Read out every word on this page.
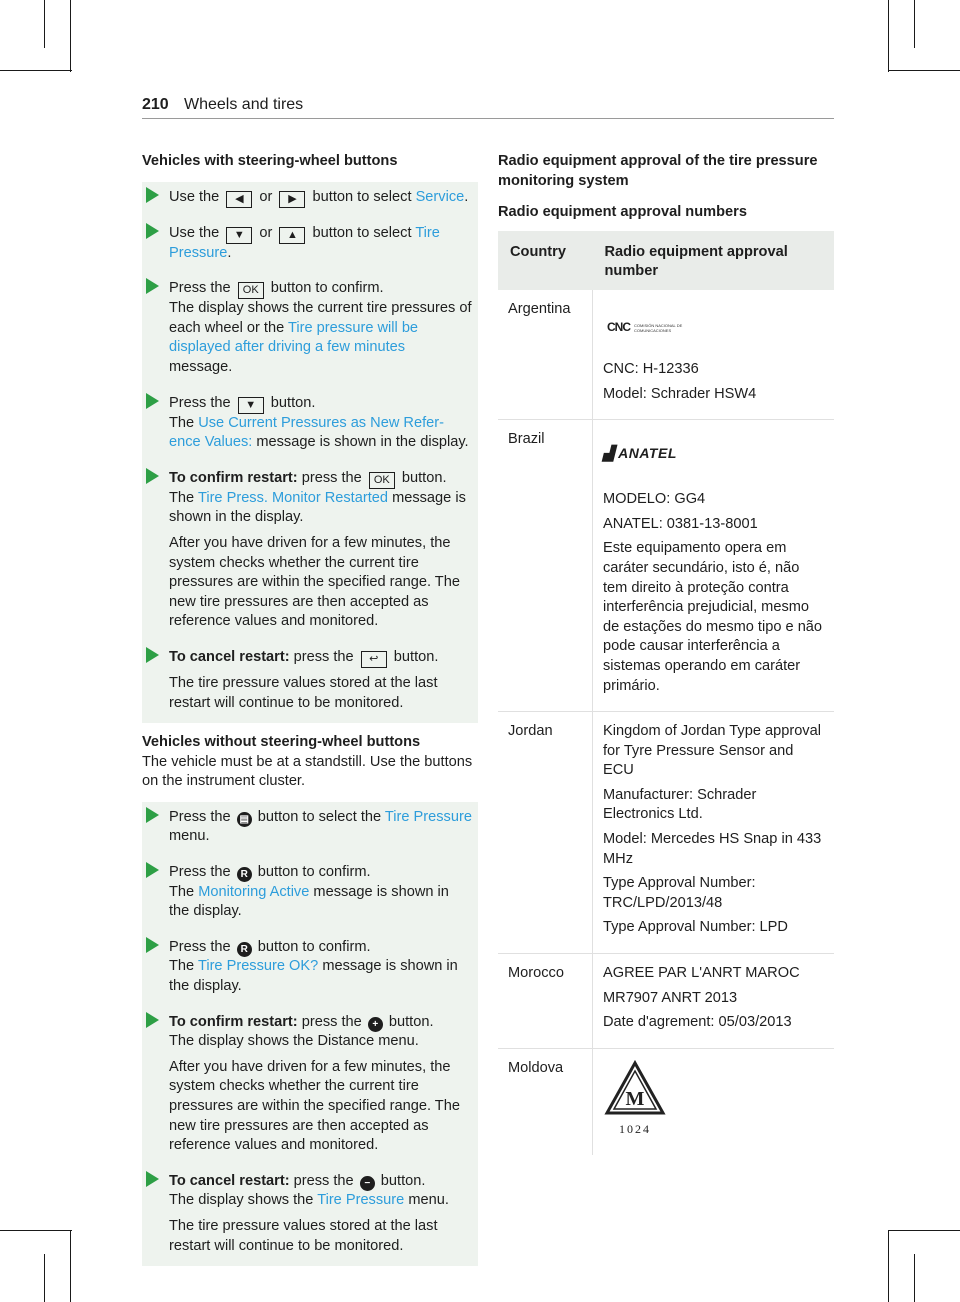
210 Wheels and tires

Vehicles with steering-wheel buttons

Use the ◀ or ▶ button to select Service.

Use the ▼ or ▲ button to select Tire Pressure.

Press the OK button to confirm.
The display shows the current tire pressures of each wheel or the Tire pressure will be displayed after driving a few minutes message.

Press the ▼ button.
The Use Current Pressures as New Refer- ence Values: message is shown in the display.

To confirm restart: press the OK button.
The Tire Press. Monitor Restarted message is shown in the display.

After you have driven for a few minutes, the system checks whether the current tire pressures are within the specified range. The new tire pressures are then accepted as reference values and monitored.

To cancel restart: press the ↩ button.

The tire pressure values stored at the last restart will continue to be monitored.

Vehicles without steering-wheel buttons

The vehicle must be at a standstill. Use the buttons on the instrument cluster.

Press the ▤ button to select the Tire Pressure menu.

Press the R button to confirm.
The Monitoring Active message is shown in the display.

Press the R button to confirm.
The Tire Pressure OK? message is shown in the display.

To confirm restart: press the + button.
The display shows the Distance menu.

After you have driven for a few minutes, the system checks whether the current tire pressures are within the specified range. The new tire pressures are then accepted as reference values and monitored.

To cancel restart: press the − button.
The display shows the Tire Pressure menu.

The tire pressure values stored at the last restart will continue to be monitored.

Radio equipment approval of the tire pressure monitoring system

Radio equipment approval numbers

Country	Radio equipment approval number
Argentina	CNC COMISIÓN NACIONAL DE COMUNICACIONES

CNC: H-12336

Model: Schrader HSW4

Brazil	▟ ANATEL

MODELO: GG4

ANATEL: 0381-13-8001

Este equipamento opera em caráter secundário, isto é, não tem direito à proteção contra interferência prejudicial, mesmo de estações do mesmo tipo e não pode causar interferência a sistemas operando em caráter primário.

Jordan	Kingdom of Jordan Type approval for Tyre Pressure Sensor and ECU

Manufacturer: Schrader Electronics Ltd.

Model: Mercedes HS Snap in 433 MHz

Type Approval Number: TRC/LPD/2013/48

Type Approval Number: LPD

Morocco	AGREE PAR L'ANRT MAROC

MR7907 ANRT 2013

Date d'agrement: 05/03/2013

Moldova	M
1024
